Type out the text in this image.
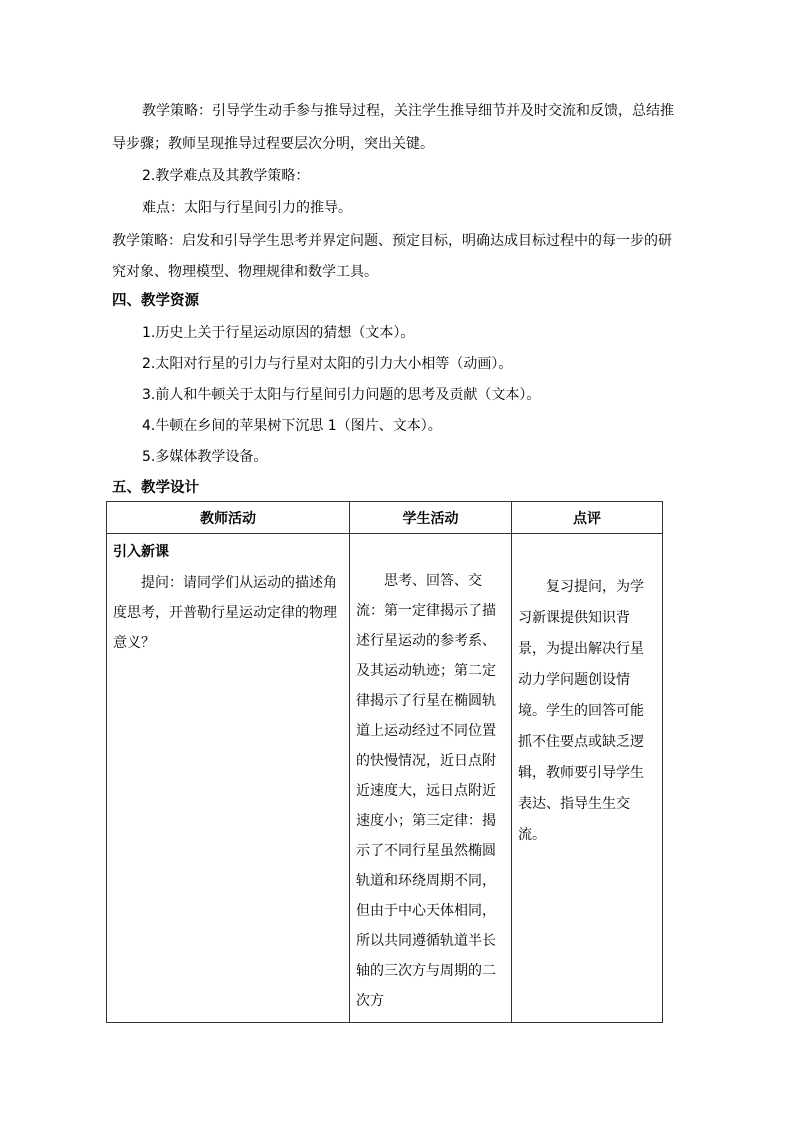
教学策略：引导学生动手参与推导过程，关注学生推导细节并及时交流和反馈，总结推
导步骤；教师呈现推导过程要层次分明，突出关键。
2.教学难点及其教学策略：
难点：太阳与行星间引力的推导。
教学策略：启发和引导学生思考并界定问题、预定目标，明确达成目标过程中的每一步的研
究对象、物理模型、物理规律和数学工具。
四、教学资源
1.历史上关于行星运动原因的猜想（文本）。
2.太阳对行星的引力与行星对太阳的引力大小相等（动画）。
3.前人和牛顿关于太阳与行星间引力问题的思考及贡献（文本）。
4.牛顿在乡间的苹果树下沉思 1（图片、文本）。
5.多媒体教学设备。
五、教学设计
教师活动	学生活动	点评

引入新课
提问：请同学们从运动的描述角度思考，开普勒行星运动定律的物理意义？	思考、回答、交流：第一定律揭示了描述行星运动的参考系、及其运动轨迹；第二定律揭示了行星在椭圆轨道上运动经过不同位置的快慢情况，近日点附近速度大，远日点附近速度小；第三定律：揭示了不同行星虽然椭圆轨道和环绕周期不同，但由于中心天体相同，所以共同遵循轨道半长轴的三次方与周期的二次方	复习提问，为学习新课提供知识背景，为提出解决行星动力学问题创设情境。学生的回答可能抓不住要点或缺乏逻辑，教师要引导学生表达、指导生生交流。
